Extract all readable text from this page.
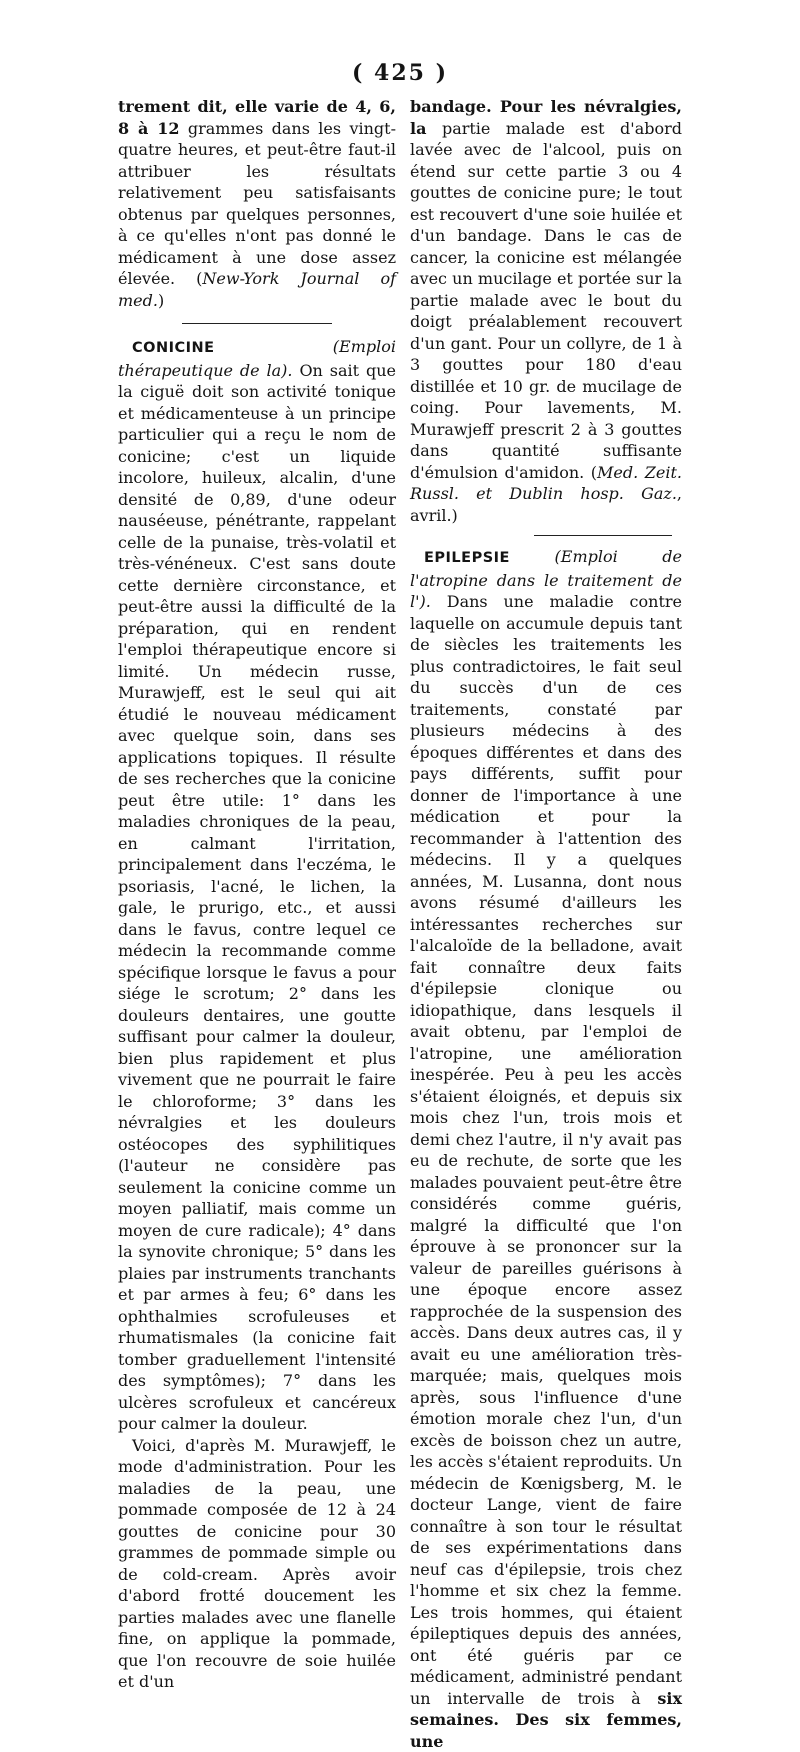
( 425 )

trement dit, elle varie de 4, 6, 8 à 12 grammes dans les vingt-quatre heures, et peut-être faut-il attribuer les résultats relativement peu satisfaisants obtenus par quelques personnes, à ce qu'elles n'ont pas donné le médicament à une dose assez élevée. (New-York Journal of med.)

CONICINE (Emploi thérapeutique de la). On sait que la ciguë doit son activité tonique et médicamenteuse à un principe particulier qui a reçu le nom de conicine; c'est un liquide incolore, huileux, alcalin, d'une densité de 0,89, d'une odeur nauséeuse, pénétrante, rappelant celle de la punaise, très-volatil et très-vénéneux. C'est sans doute cette dernière circonstance, et peut-être aussi la difficulté de la préparation, qui en rendent l'emploi thérapeutique encore si limité. Un médecin russe, Murawjeff, est le seul qui ait étudié le nouveau médicament avec quelque soin, dans ses applications topiques. Il résulte de ses recherches que la conicine peut être utile: 1° dans les maladies chroniques de la peau, en calmant l'irritation, principalement dans l'eczéma, le psoriasis, l'acné, le lichen, la gale, le prurigo, etc., et aussi dans le favus, contre lequel ce médecin la recommande comme spécifique lorsque le favus a pour siége le scrotum; 2° dans les douleurs dentaires, une goutte suffisant pour calmer la douleur, bien plus rapidement et plus vivement que ne pourrait le faire le chloroforme; 3° dans les névralgies et les douleurs ostéocopes des syphilitiques (l'auteur ne considère pas seulement la conicine comme un moyen palliatif, mais comme un moyen de cure radicale); 4° dans la synovite chronique; 5° dans les plaies par instruments tranchants et par armes à feu; 6° dans les ophthalmies scrofuleuses et rhumatismales (la conicine fait tomber graduellement l'intensité des symptômes); 7° dans les ulcères scrofuleux et cancéreux pour calmer la douleur.

Voici, d'après M. Murawjeff, le mode d'administration. Pour les maladies de la peau, une pommade composée de 12 à 24 gouttes de conicine pour 30 grammes de pommade simple ou de cold-cream. Après avoir d'abord frotté doucement les parties malades avec une flanelle fine, on applique la pommade, que l'on recouvre de soie huilée et d'un

bandage. Pour les névralgies, la partie malade est d'abord lavée avec de l'alcool, puis on étend sur cette partie 3 ou 4 gouttes de conicine pure; le tout est recouvert d'une soie huilée et d'un bandage. Dans le cas de cancer, la conicine est mélangée avec un mucilage et portée sur la partie malade avec le bout du doigt préalablement recouvert d'un gant. Pour un collyre, de 1 à 3 gouttes pour 180 d'eau distillée et 10 gr. de mucilage de coing. Pour lavements, M. Murawjeff prescrit 2 à 3 gouttes dans quantité suffisante d'émulsion d'amidon. (Med. Zeit. Russl. et Dublin hosp. Gaz., avril.)

EPILEPSIE (Emploi de l'atropine dans le traitement de l'). Dans une maladie contre laquelle on accumule depuis tant de siècles les traitements les plus contradictoires, le fait seul du succès d'un de ces traitements, constaté par plusieurs médecins à des époques différentes et dans des pays différents, suffit pour donner de l'importance à une médication et pour la recommander à l'attention des médecins. Il y a quelques années, M. Lusanna, dont nous avons résumé d'ailleurs les intéressantes recherches sur l'alcaloïde de la belladone, avait fait connaître deux faits d'épilepsie clonique ou idiopathique, dans lesquels il avait obtenu, par l'emploi de l'atropine, une amélioration inespérée. Peu à peu les accès s'étaient éloignés, et depuis six mois chez l'un, trois mois et demi chez l'autre, il n'y avait pas eu de rechute, de sorte que les malades pouvaient peut-être être considérés comme guéris, malgré la difficulté que l'on éprouve à se prononcer sur la valeur de pareilles guérisons à une époque encore assez rapprochée de la suspension des accès. Dans deux autres cas, il y avait eu une amélioration très-marquée; mais, quelques mois après, sous l'influence d'une émotion morale chez l'un, d'un excès de boisson chez un autre, les accès s'étaient reproduits. Un médecin de Kœnigsberg, M. le docteur Lange, vient de faire connaître à son tour le résultat de ses expérimentations dans neuf cas d'épilepsie, trois chez l'homme et six chez la femme. Les trois hommes, qui étaient épileptiques depuis des années, ont été guéris par ce médicament, administré pendant un intervalle de trois à six semaines. Des six femmes, une
